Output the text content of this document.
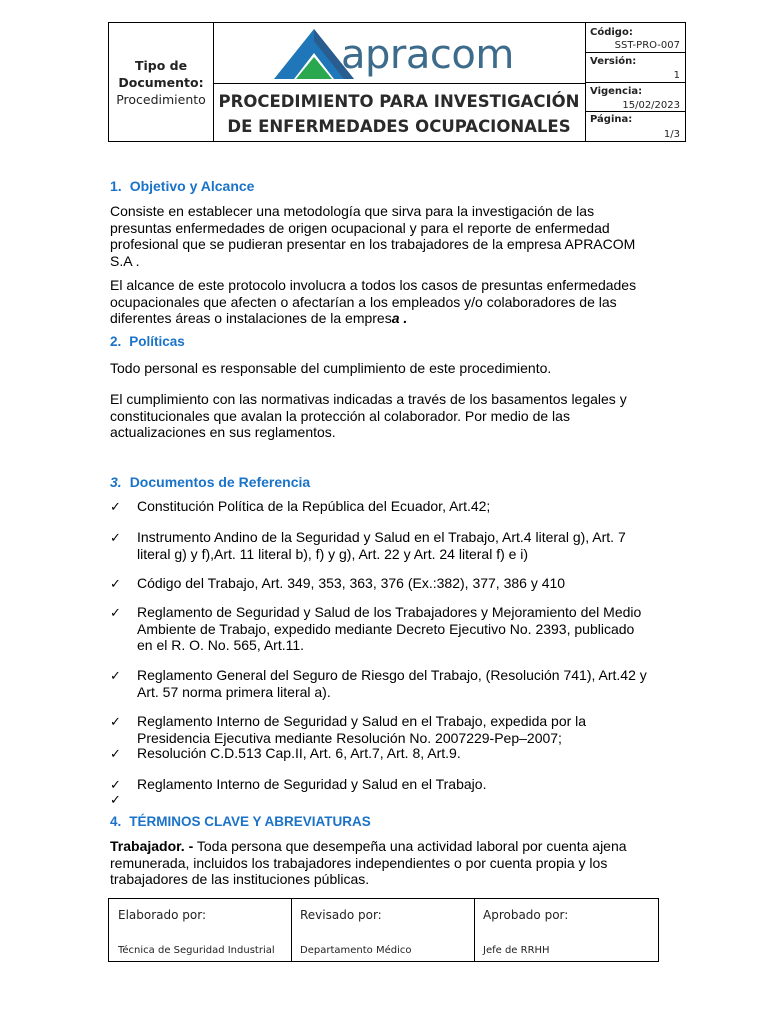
Tipo de Documento:
Procedimiento
apracom
PROCEDIMIENTO PARA INVESTIGACIÓN
DE ENFERMEDADES OCUPACIONALES
Código:
SST-PRO-007
Versión:
1
Vigencia:
15/02/2023
Página:
1/3
1. Objetivo y Alcance
Consiste en establecer una metodología que sirva para la investigación de las
presuntas enfermedades de origen ocupacional y para el reporte de enfermedad
profesional que se pudieran presentar en los trabajadores de la empresa APRACOM
S.A .
El alcance de este protocolo involucra a todos los casos de presuntas enfermedades
ocupacionales que afecten o afectarían a los empleados y/o colaboradores de las
diferentes áreas o instalaciones de la empresa .
2. Políticas
Todo personal es responsable del cumplimiento de este procedimiento.
El cumplimiento con las normativas indicadas a través de los basamentos legales y
constitucionales que avalan la protección al colaborador. Por medio de las
actualizaciones en sus reglamentos.
3. Documentos de Referencia
✓ Constitución Política de la República del Ecuador, Art.42;
✓ Instrumento Andino de la Seguridad y Salud en el Trabajo, Art.4 literal g), Art. 7
literal g) y f),Art. 11 literal b), f) y g), Art. 22 y Art. 24 literal f) e i)
✓ Código del Trabajo, Art. 349, 353, 363, 376 (Ex.:382), 377, 386 y 410
✓ Reglamento de Seguridad y Salud de los Trabajadores y Mejoramiento del Medio
Ambiente de Trabajo, expedido mediante Decreto Ejecutivo No. 2393, publicado
en el R. O. No. 565, Art.11.
✓ Reglamento General del Seguro de Riesgo del Trabajo, (Resolución 741), Art.42 y
Art. 57 norma primera literal a).
✓ Reglamento Interno de Seguridad y Salud en el Trabajo, expedida por la
Presidencia Ejecutiva mediante Resolución No. 2007229-Pep–2007;
✓ Resolución C.D.513 Cap.II, Art. 6, Art.7, Art. 8, Art.9.
✓ Reglamento Interno de Seguridad y Salud en el Trabajo.
✓
4. TÉRMINOS CLAVE Y ABREVIATURAS
Trabajador. - Toda persona que desempeña una actividad laboral por cuenta ajena
remunerada, incluidos los trabajadores independientes o por cuenta propia y los
trabajadores de las instituciones públicas.
Elaborado por:
Técnica de Seguridad Industrial
Revisado por:
Departamento Médico
Aprobado por:
Jefe de RRHH
